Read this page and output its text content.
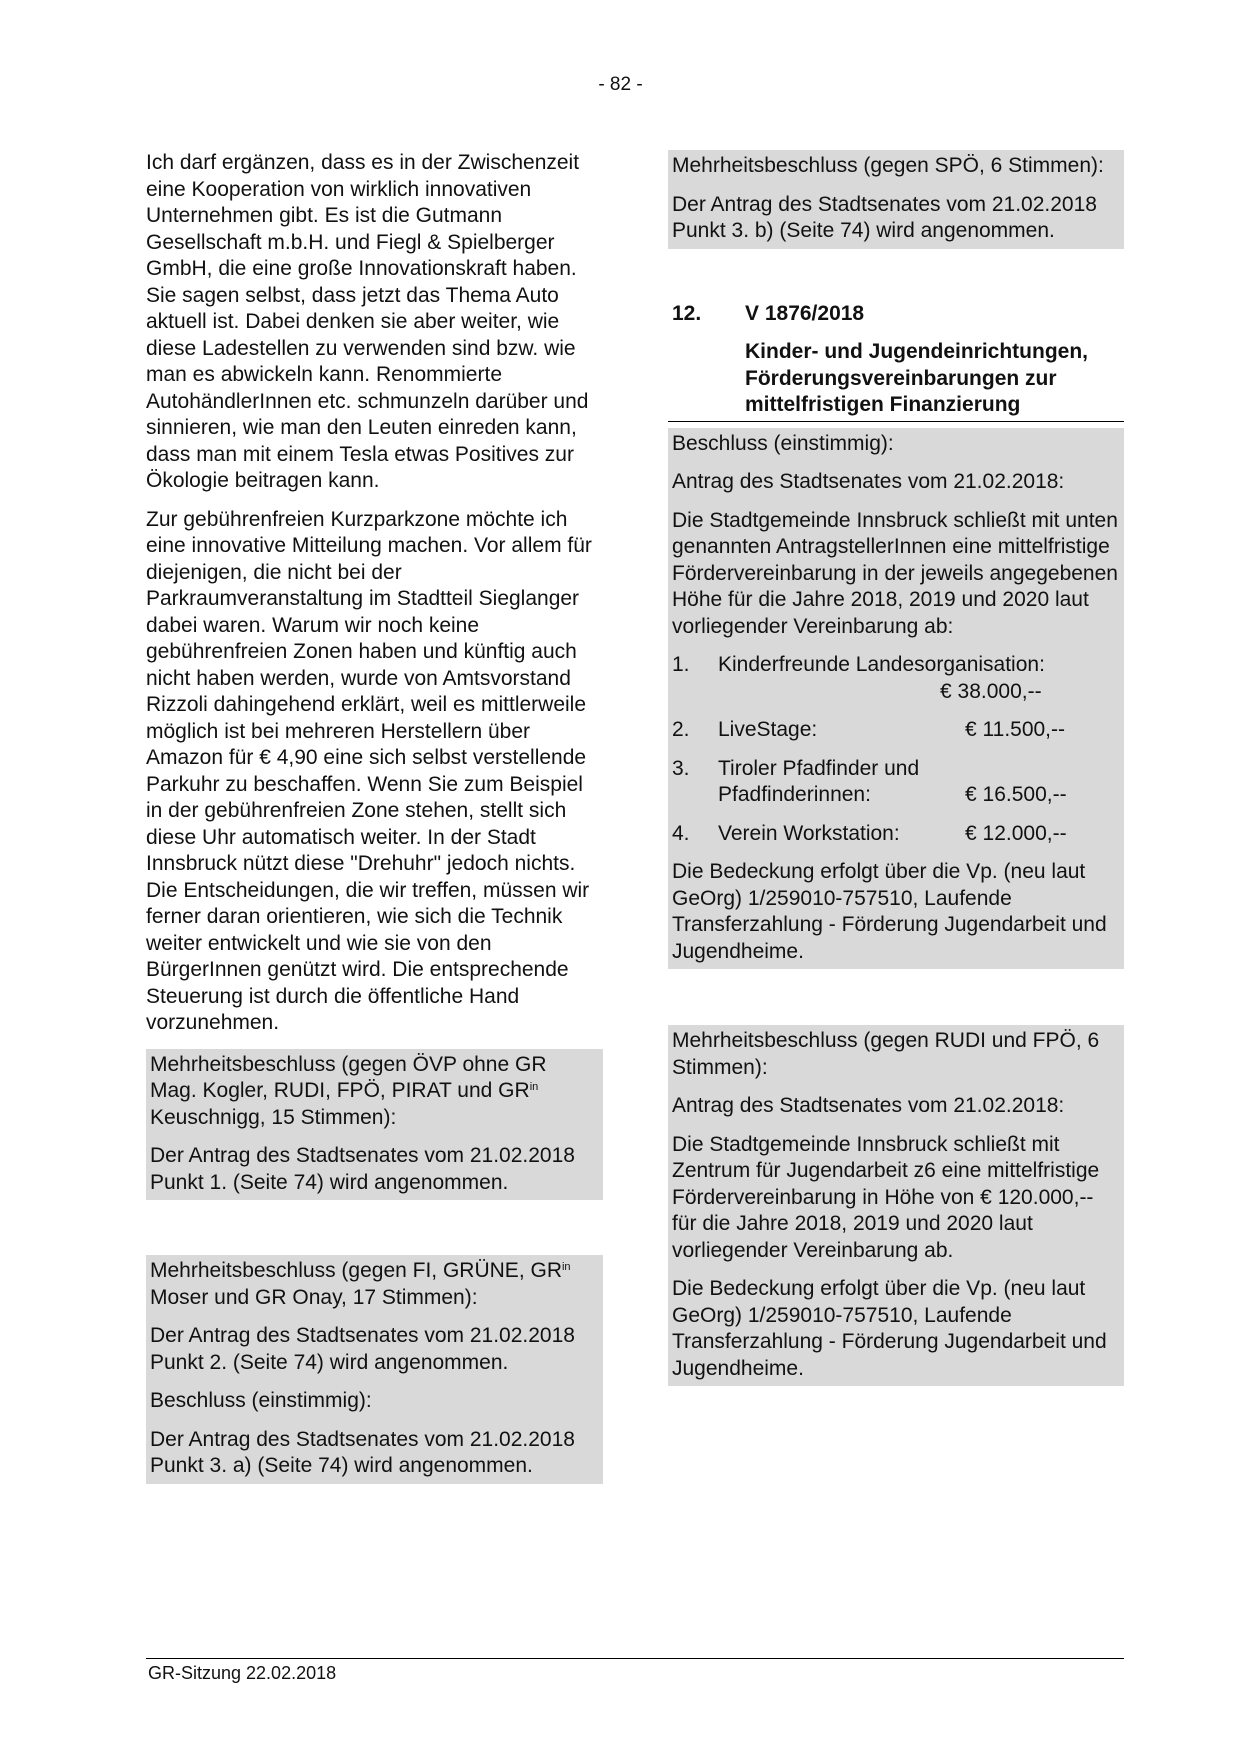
- 82 -

Ich darf ergänzen, dass es in der Zwischenzeit eine Kooperation von wirklich innovativen Unternehmen gibt. Es ist die Gutmann Gesellschaft m.b.H. und Fiegl & Spielberger GmbH, die eine große Innovationskraft haben. Sie sagen selbst, dass jetzt das Thema Auto aktuell ist. Dabei denken sie aber weiter, wie diese Ladestellen zu verwenden sind bzw. wie man es abwickeln kann. Renommierte AutohändlerInnen etc. schmunzeln darüber und sinnieren, wie man den Leuten einreden kann, dass man mit einem Tesla etwas Positives zur Ökologie beitragen kann.

Zur gebührenfreien Kurzparkzone möchte ich eine innovative Mitteilung machen. Vor allem für diejenigen, die nicht bei der Parkraumveranstaltung im Stadtteil Sieglanger dabei waren. Warum wir noch keine gebührenfreien Zonen haben und künftig auch nicht haben werden, wurde von Amtsvorstand Rizzoli dahingehend erklärt, weil es mittlerweile möglich ist bei mehreren Herstellern über Amazon für € 4,90 eine sich selbst verstellende Parkuhr zu beschaffen. Wenn Sie zum Beispiel in der gebührenfreien Zone stehen, stellt sich diese Uhr automatisch weiter. In der Stadt Innsbruck nützt diese "Drehuhr" jedoch nichts. Die Entscheidungen, die wir treffen, müssen wir ferner daran orientieren, wie sich die Technik weiter entwickelt und wie sie von den BürgerInnen genützt wird. Die entsprechende Steuerung ist durch die öffentliche Hand vorzunehmen.

Mehrheitsbeschluss (gegen ÖVP ohne GR Mag. Kogler, RUDI, FPÖ, PIRAT und $GR^{in}$ Keuschnigg, 15 Stimmen):

Der Antrag des Stadtsenates vom 21.02.2018 Punkt 1. (Seite 74) wird angenommen.

Mehrheitsbeschluss (gegen FI, GRÜNE, $GR^{in}$ Moser und GR Onay, 17 Stimmen):

Der Antrag des Stadtsenates vom 21.02.2018 Punkt 2. (Seite 74) wird angenommen.

Beschluss (einstimmig):

Der Antrag des Stadtsenates vom 21.02.2018 Punkt 3. a) (Seite 74) wird angenommen.

Mehrheitsbeschluss (gegen SPÖ, 6 Stimmen):

Der Antrag des Stadtsenates vom 21.02.2018 Punkt 3. b) (Seite 74) wird angenommen.

12. V 1876/2018
Kinder- und Jugendeinrichtungen, Förderungsvereinbarungen zur mittelfristigen Finanzierung

Beschluss (einstimmig):

Antrag des Stadtsenates vom 21.02.2018:

Die Stadtgemeinde Innsbruck schließt mit unten genannten AntragstellerInnen eine mittelfristige Fördervereinbarung in der jeweils angegebenen Höhe für die Jahre 2018, 2019 und 2020 laut vorliegender Vereinbarung ab:

1.	Kinderfreunde Landesorganisation:
€ 38.000,--
2.	LiveStage:	€ 11.500,--
3.	Tiroler Pfadfinder und
Pfadfinderinnen:	€ 16.500,--
4.	Verein Workstation:	€ 12.000,--

Die Bedeckung erfolgt über die Vp. (neu laut GeOrg) 1/259010-757510, Laufende Transferzahlung - Förderung Jugendarbeit und Jugendheime.

Mehrheitsbeschluss (gegen RUDI und FPÖ, 6 Stimmen):

Antrag des Stadtsenates vom 21.02.2018:

Die Stadtgemeinde Innsbruck schließt mit Zentrum für Jugendarbeit z6 eine mittelfristige Fördervereinbarung in Höhe von € 120.000,-- für die Jahre 2018, 2019 und 2020 laut vorliegender Vereinbarung ab.

Die Bedeckung erfolgt über die Vp. (neu laut GeOrg) 1/259010-757510, Laufende Transferzahlung - Förderung Jugendarbeit und Jugendheime.

GR-Sitzung 22.02.2018
